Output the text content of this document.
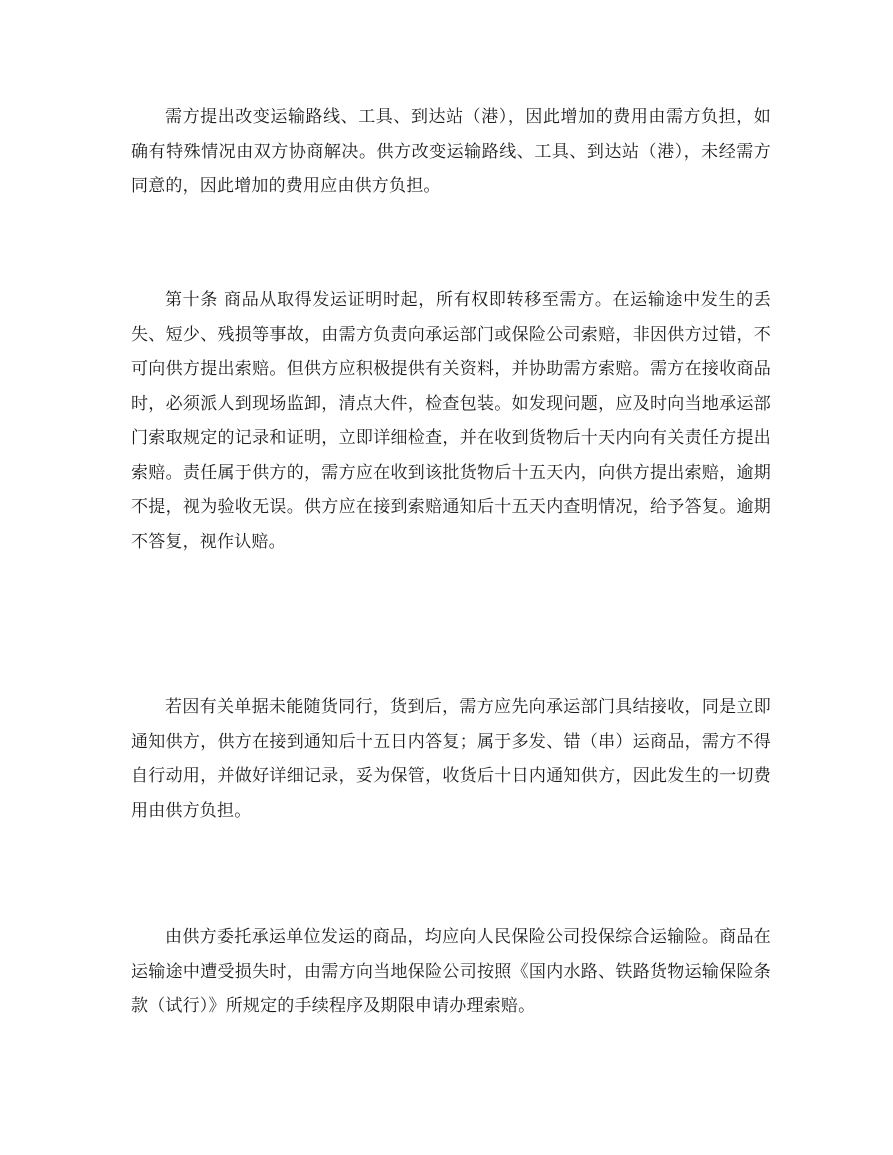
需方提出改变运输路线、工具、到达站（港），因此增加的费用由需方负担，如确有特殊情况由双方协商解决。供方改变运输路线、工具、到达站（港），未经需方同意的，因此增加的费用应由供方负担。

第十条 商品从取得发运证明时起，所有权即转移至需方。在运输途中发生的丢失、短少、残损等事故，由需方负责向承运部门或保险公司索赔，非因供方过错，不可向供方提出索赔。但供方应积极提供有关资料，并协助需方索赔。需方在接收商品时，必须派人到现场监卸，清点大件，检查包装。如发现问题，应及时向当地承运部门索取规定的记录和证明，立即详细检查，并在收到货物后十天内向有关责任方提出索赔。责任属于供方的，需方应在收到该批货物后十五天内，向供方提出索赔，逾期不提，视为验收无误。供方应在接到索赔通知后十五天内查明情况，给予答复。逾期不答复，视作认赔。

若因有关单据未能随货同行，货到后，需方应先向承运部门具结接收，同是立即通知供方，供方在接到通知后十五日内答复；属于多发、错（串）运商品，需方不得自行动用，并做好详细记录，妥为保管，收货后十日内通知供方，因此发生的一切费用由供方负担。

由供方委托承运单位发运的商品，均应向人民保险公司投保综合运输险。商品在运输途中遭受损失时，由需方向当地保险公司按照《国内水路、铁路货物运输保险条款（试行）》所规定的手续程序及期限申请办理索赔。
